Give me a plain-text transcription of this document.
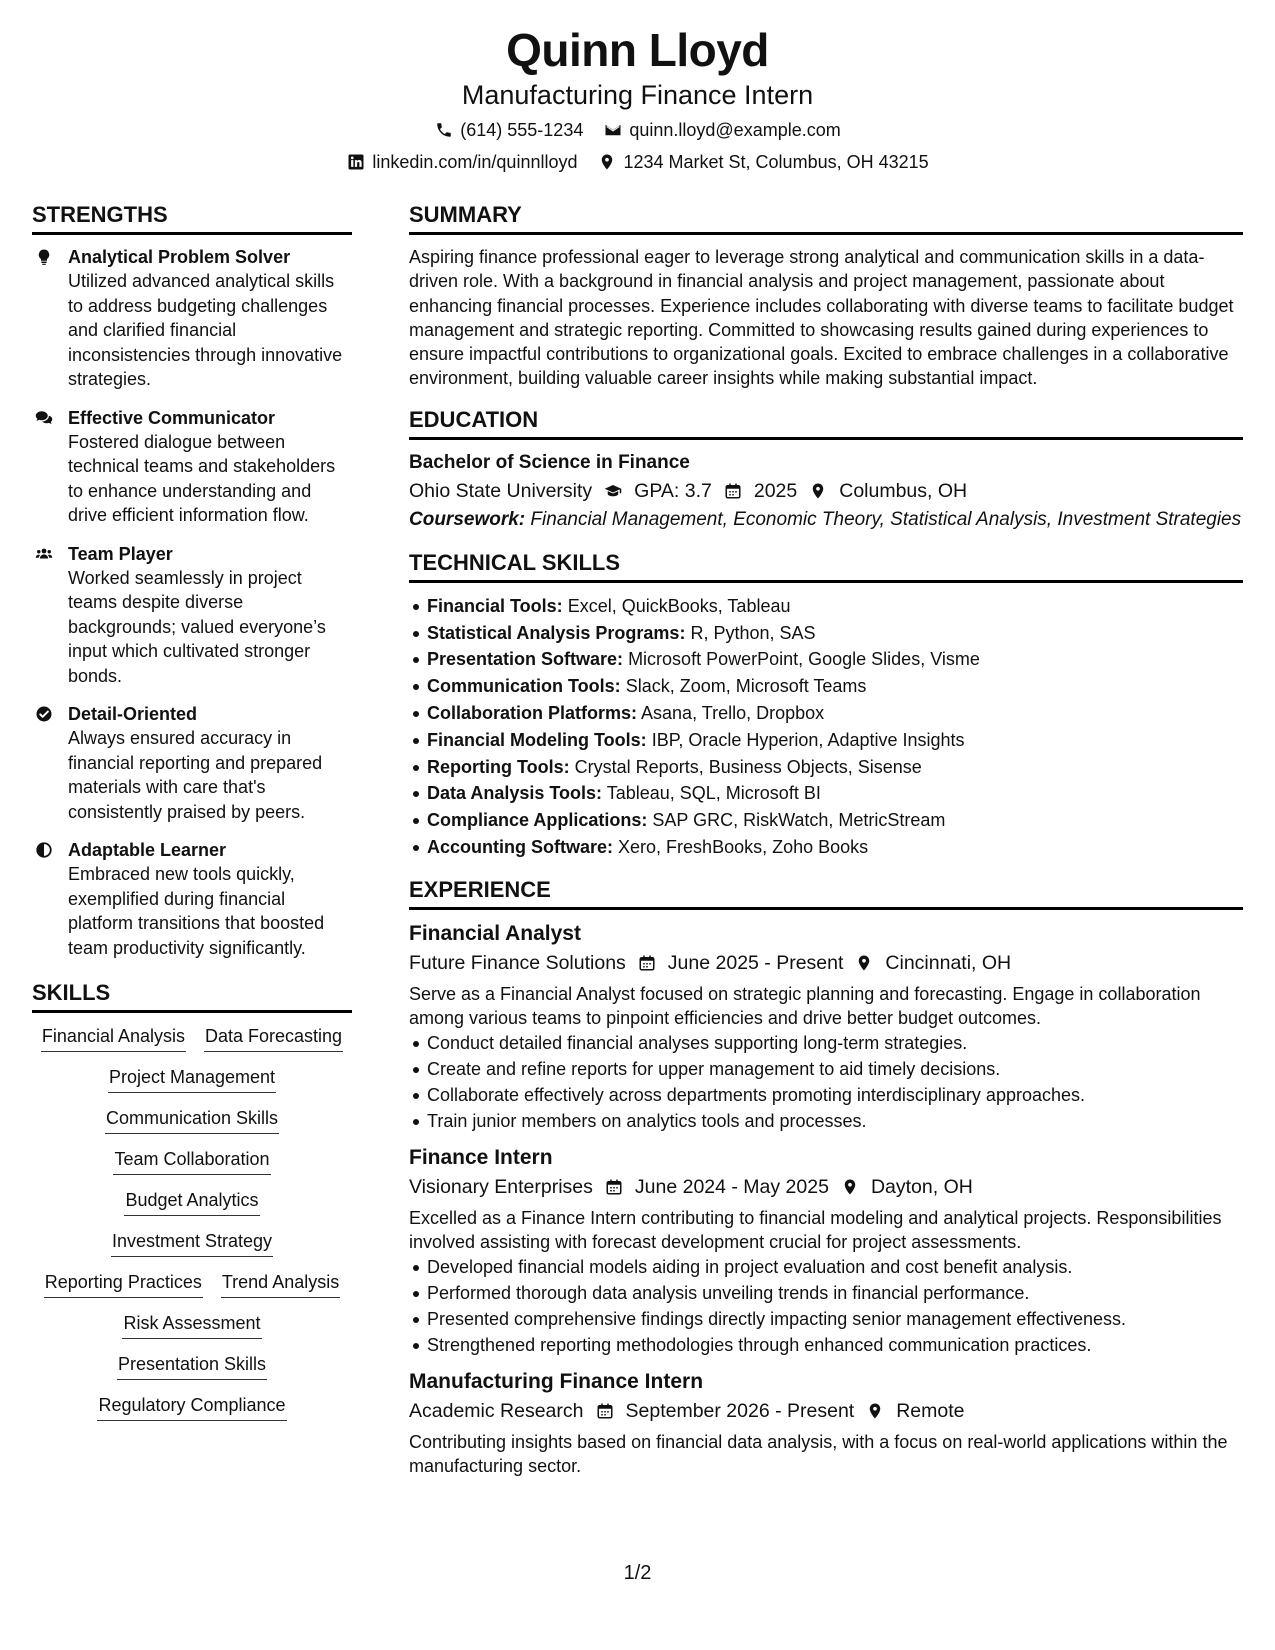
Quinn Lloyd
Manufacturing Finance Intern
(614) 555-1234	quinn.lloyd@example.com
linkedin.com/in/quinnlloyd	1234 Market St, Columbus, OH 43215
STRENGTHS
Analytical Problem Solver
Utilized advanced analytical skills to address budgeting challenges and clarified financial inconsistencies through innovative strategies.
Effective Communicator
Fostered dialogue between technical teams and stakeholders to enhance understanding and drive efficient information flow.
Team Player
Worked seamlessly in project teams despite diverse backgrounds; valued everyone’s input which cultivated stronger bonds.
Detail-Oriented
Always ensured accuracy in financial reporting and prepared materials with care that's consistently praised by peers.
Adaptable Learner
Embraced new tools quickly, exemplified during financial platform transitions that boosted team productivity significantly.
SKILLS
Financial Analysis Data Forecasting
Project Management
Communication Skills
Team Collaboration
Budget Analytics
Investment Strategy
Reporting Practices Trend Analysis
Risk Assessment
Presentation Skills
Regulatory Compliance
SUMMARY
Aspiring finance professional eager to leverage strong analytical and communication skills in a data-driven role. With a background in financial analysis and project management, passionate about enhancing financial processes. Experience includes collaborating with diverse teams to facilitate budget management and strategic reporting. Committed to showcasing results gained during experiences to ensure impactful contributions to organizational goals. Excited to embrace challenges in a collaborative environment, building valuable career insights while making substantial impact.
EDUCATION
Bachelor of Science in Finance
Ohio State University GPA: 3.7 2025 Columbus, OH
Coursework: Financial Management, Economic Theory, Statistical Analysis, Investment Strategies
TECHNICAL SKILLS
Financial Tools: Excel, QuickBooks, Tableau
Statistical Analysis Programs: R, Python, SAS
Presentation Software: Microsoft PowerPoint, Google Slides, Visme
Communication Tools: Slack, Zoom, Microsoft Teams
Collaboration Platforms: Asana, Trello, Dropbox
Financial Modeling Tools: IBP, Oracle Hyperion, Adaptive Insights
Reporting Tools: Crystal Reports, Business Objects, Sisense
Data Analysis Tools: Tableau, SQL, Microsoft BI
Compliance Applications: SAP GRC, RiskWatch, MetricStream
Accounting Software: Xero, FreshBooks, Zoho Books
EXPERIENCE
Financial Analyst
Future Finance Solutions June 2025 - Present Cincinnati, OH
Serve as a Financial Analyst focused on strategic planning and forecasting. Engage in collaboration among various teams to pinpoint efficiencies and drive better budget outcomes.
Conduct detailed financial analyses supporting long-term strategies.
Create and refine reports for upper management to aid timely decisions.
Collaborate effectively across departments promoting interdisciplinary approaches.
Train junior members on analytics tools and processes.
Finance Intern
Visionary Enterprises June 2024 - May 2025 Dayton, OH
Excelled as a Finance Intern contributing to financial modeling and analytical projects. Responsibilities involved assisting with forecast development crucial for project assessments.
Developed financial models aiding in project evaluation and cost benefit analysis.
Performed thorough data analysis unveiling trends in financial performance.
Presented comprehensive findings directly impacting senior management effectiveness.
Strengthened reporting methodologies through enhanced communication practices.
Manufacturing Finance Intern
Academic Research September 2026 - Present Remote
Contributing insights based on financial data analysis, with a focus on real-world applications within the manufacturing sector.
1/2
